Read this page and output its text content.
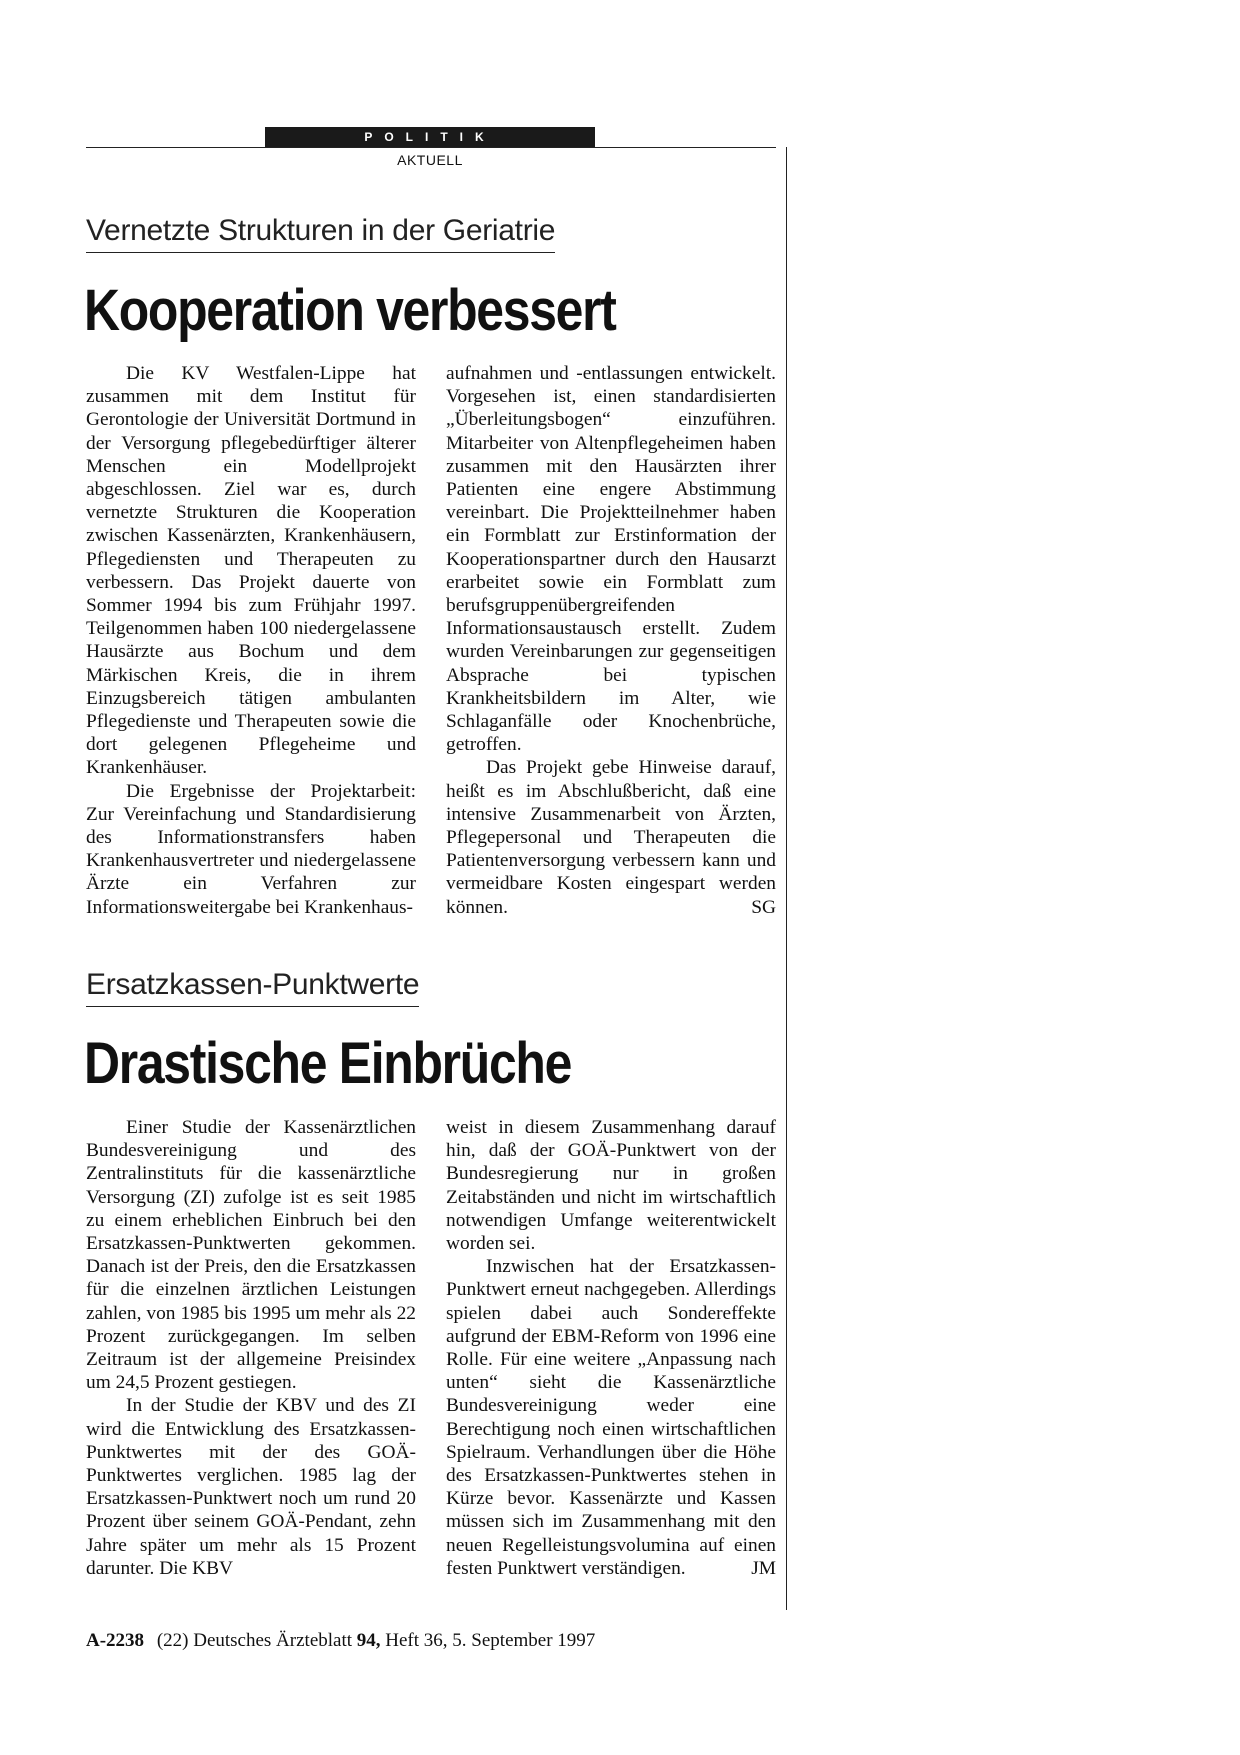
POLITIK
AKTUELL
Vernetzte Strukturen in der Geriatrie
Kooperation verbessert

Die KV Westfalen-Lippe hat zusammen mit dem Institut für Gerontologie der Universität Dortmund in der Versorgung pflegebedürftiger älterer Menschen ein Modellprojekt abgeschlossen. Ziel war es, durch vernetzte Strukturen die Kooperation zwischen Kassenärzten, Krankenhäusern, Pflegediensten und Therapeuten zu verbessern. Das Projekt dauerte von Sommer 1994 bis zum Frühjahr 1997. Teilgenommen haben 100 niedergelassene Hausärzte aus Bochum und dem Märkischen Kreis, die in ihrem Einzugsbereich tätigen ambulanten Pflegedienste und Therapeuten sowie die dort gelegenen Pflegeheime und Krankenhäuser.

Die Ergebnisse der Projektarbeit: Zur Vereinfachung und Standardisierung des Informationstransfers haben Krankenhausvertreter und niedergelassene Ärzte ein Verfahren zur Informationsweitergabe bei Krankenhaus-

aufnahmen und -entlassungen entwickelt. Vorgesehen ist, einen standardisierten „Überleitungsbogen“ einzuführen. Mitarbeiter von Altenpflegeheimen haben zusammen mit den Hausärzten ihrer Patienten eine engere Abstimmung vereinbart. Die Projektteilnehmer haben ein Formblatt zur Erstinformation der Kooperationspartner durch den Hausarzt erarbeitet sowie ein Formblatt zum berufsgruppenübergreifenden Informationsaustausch erstellt. Zudem wurden Vereinbarungen zur gegenseitigen Absprache bei typischen Krankheitsbildern im Alter, wie Schlaganfälle oder Knochenbrüche, getroffen.

Das Projekt gebe Hinweise darauf, heißt es im Abschlußbericht, daß eine intensive Zusammenarbeit von Ärzten, Pflegepersonal und Therapeuten die Patientenversorgung verbessern kann und vermeidbare Kosten eingespart werden können.	SG

Ersatzkassen-Punktwerte
Drastische Einbrüche

Einer Studie der Kassenärztlichen Bundesvereinigung und des Zentralinstituts für die kassenärztliche Versorgung (ZI) zufolge ist es seit 1985 zu einem erheblichen Einbruch bei den Ersatzkassen-Punktwerten gekommen. Danach ist der Preis, den die Ersatzkassen für die einzelnen ärztlichen Leistungen zahlen, von 1985 bis 1995 um mehr als 22 Prozent zurückgegangen. Im selben Zeitraum ist der allgemeine Preisindex um 24,5 Prozent gestiegen.

In der Studie der KBV und des ZI wird die Entwicklung des Ersatzkassen-Punktwertes mit der des GOÄ-Punktwertes verglichen. 1985 lag der Ersatzkassen-Punktwert noch um rund 20 Prozent über seinem GOÄ-Pendant, zehn Jahre später um mehr als 15 Prozent darunter. Die KBV

weist in diesem Zusammenhang darauf hin, daß der GOÄ-Punktwert von der Bundesregierung nur in großen Zeitabständen und nicht im wirtschaftlich notwendigen Umfange weiterentwickelt worden sei.

Inzwischen hat der Ersatzkassen-Punktwert erneut nachgegeben. Allerdings spielen dabei auch Sondereffekte aufgrund der EBM-Reform von 1996 eine Rolle. Für eine weitere „Anpassung nach unten“ sieht die Kassenärztliche Bundesvereinigung weder eine Berechtigung noch einen wirtschaftlichen Spielraum. Verhandlungen über die Höhe des Ersatzkassen-Punktwertes stehen in Kürze bevor. Kassenärzte und Kassen müssen sich im Zusammenhang mit den neuen Regelleistungsvolumina auf einen festen Punktwert verständigen.	JM

A-2238 (22) Deutsches Ärzteblatt 94, Heft 36, 5. September 1997
